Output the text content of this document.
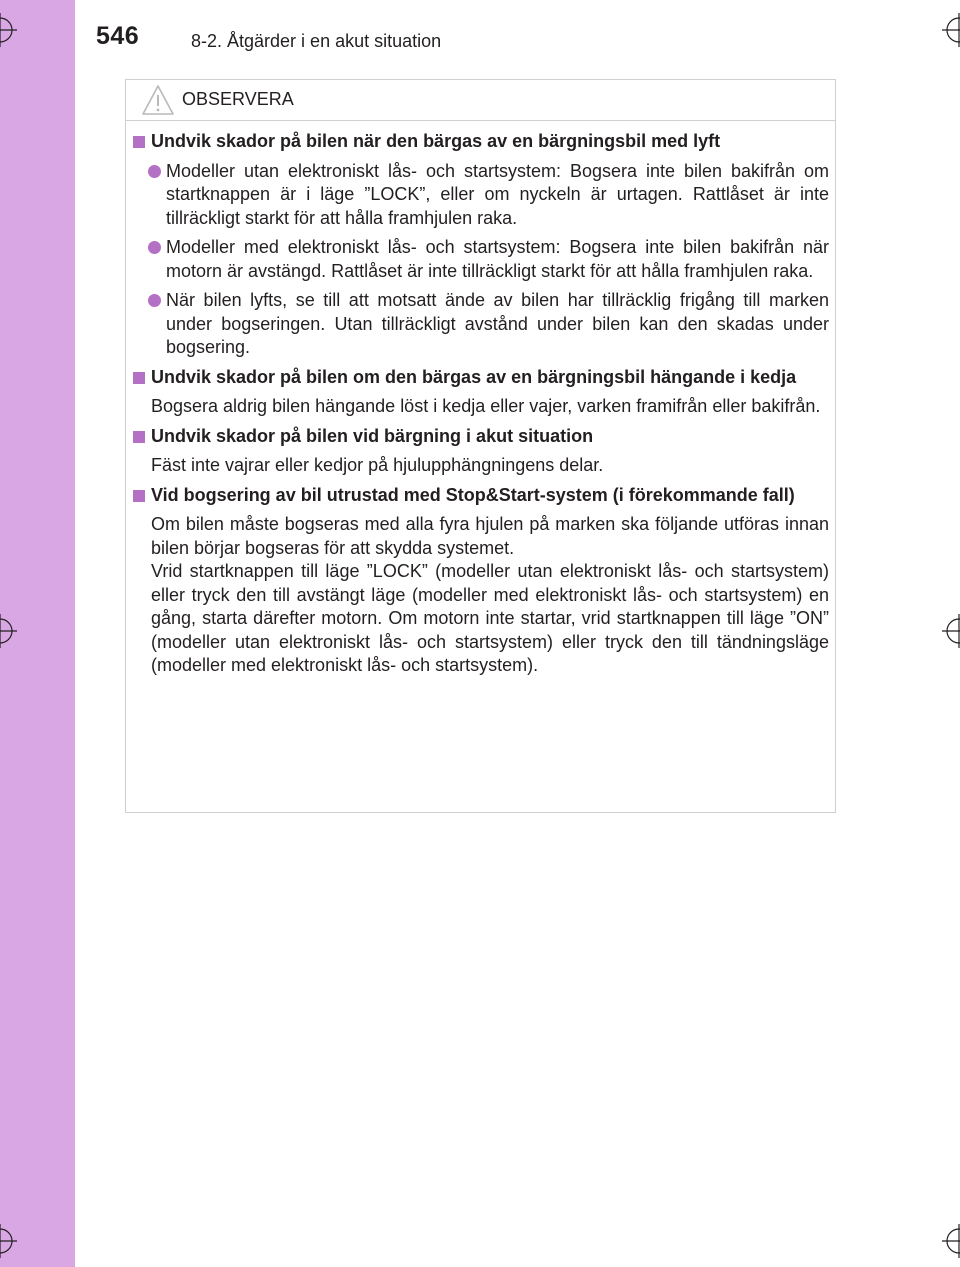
546	8-2. Åtgärder i en akut situation
OBSERVERA
Undvik skador på bilen när den bärgas av en bärgningsbil med lyft
Modeller utan elektroniskt lås- och startsystem: Bogsera inte bilen bakifrån om startknappen är i läge ”LOCK”, eller om nyckeln är urtagen. Rattlåset är inte tillräckligt starkt för att hålla framhjulen raka.
Modeller med elektroniskt lås- och startsystem: Bogsera inte bilen bakifrån när motorn är avstängd. Rattlåset är inte tillräckligt starkt för att hålla framhjulen raka.
När bilen lyfts, se till att motsatt ände av bilen har tillräcklig frigång till marken under bogseringen. Utan tillräckligt avstånd under bilen kan den skadas under bogsering.
Undvik skador på bilen om den bärgas av en bärgningsbil hängande i kedja
Bogsera aldrig bilen hängande löst i kedja eller vajer, varken framifrån eller bakifrån.
Undvik skador på bilen vid bärgning i akut situation
Fäst inte vajrar eller kedjor på hjulupphängningens delar.
Vid bogsering av bil utrustad med Stop&Start-system (i förekommande fall)
Om bilen måste bogseras med alla fyra hjulen på marken ska följande utföras innan bilen börjar bogseras för att skydda systemet.
Vrid startknappen till läge ”LOCK” (modeller utan elektroniskt lås- och startsystem) eller tryck den till avstängt läge (modeller med elektroniskt lås- och startsystem) en gång, starta därefter motorn. Om motorn inte startar, vrid startknappen till läge ”ON” (modeller utan elektroniskt lås- och startsystem) eller tryck den till tändningsläge (modeller med elektroniskt lås- och startsystem).
